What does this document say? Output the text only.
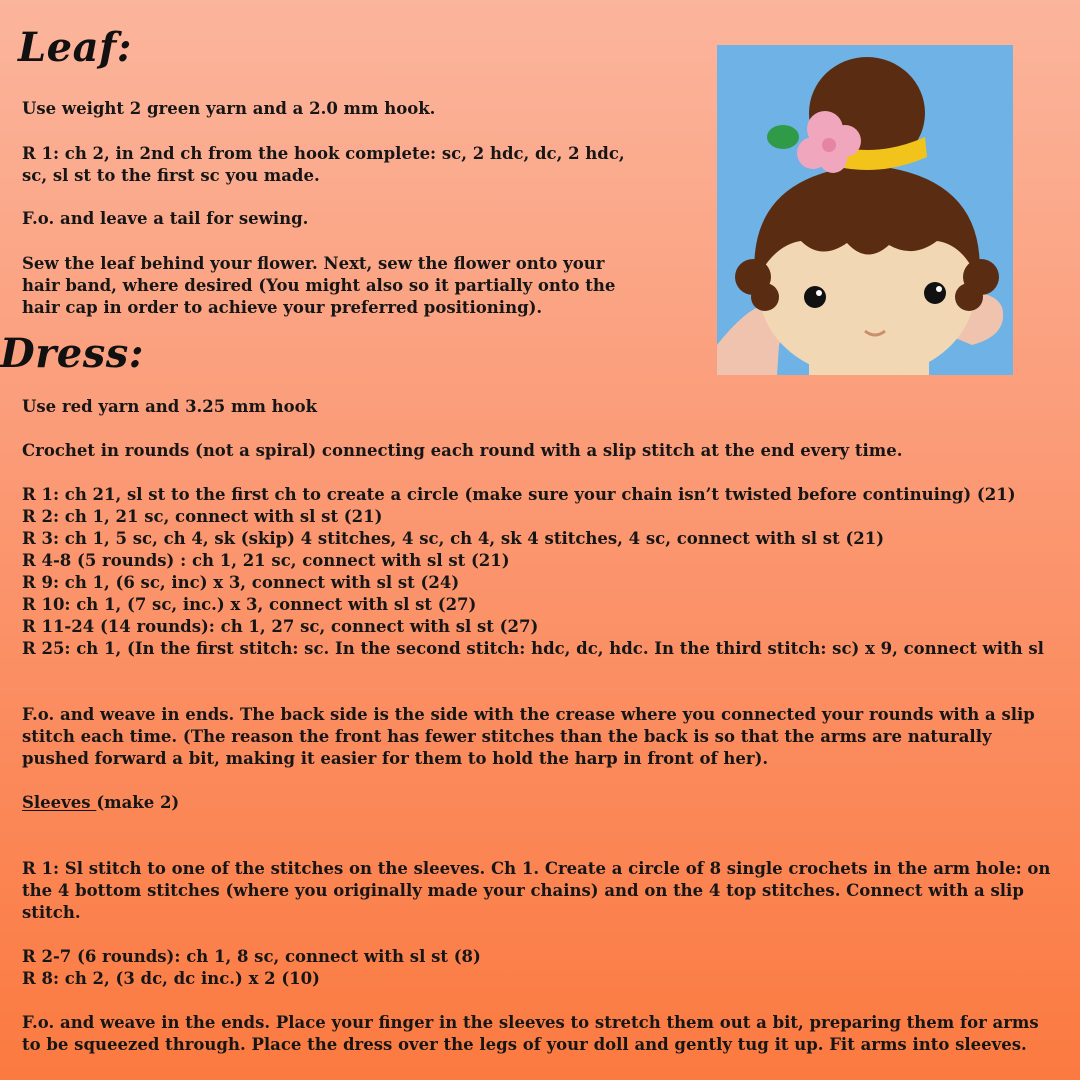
Leaf:

Use weight 2 green yarn and a 2.0 mm hook.

R 1: ch 2, in 2nd ch from the hook complete: sc, 2 hdc, dc, 2 hdc,

sc, sl st to the first sc you made.

F.o. and leave a tail for sewing.

Sew the leaf behind your flower. Next, sew the flower onto your

hair band, where desired (You might also so it partially onto the

hair cap in order to achieve your preferred positioning).

Dress:

Use red yarn and 3.25 mm hook

Crochet in rounds (not a spiral) connecting each round with a slip stitch at the end every time.

R 1: ch 21, sl st to the first ch to create a circle (make sure your chain isn’t twisted before continuing) (21)

R 2: ch 1, 21 sc, connect with sl st (21)

R 3: ch 1, 5 sc, ch 4, sk (skip) 4 stitches, 4 sc, ch 4, sk 4 stitches, 4 sc, connect with sl st (21)

R 4-8 (5 rounds) : ch 1, 21 sc, connect with sl st (21)

R 9: ch 1, (6 sc, inc) x 3, connect with sl st (24)

R 10: ch 1, (7 sc, inc.) x 3, connect with sl st (27)

R 11-24 (14 rounds): ch 1, 27 sc, connect with sl st (27)

R 25: ch 1, (In the first stitch: sc. In the second stitch: hdc, dc, hdc. In the third stitch: sc) x 9, connect with sl

F.o. and weave in ends. The back side is the side with the crease where you connected your rounds with a slip

stitch each time. (The reason the front has fewer stitches than the back is so that the arms are naturally

pushed forward a bit, making it easier for them to hold the harp in front of her).

Sleeves (make 2)

R 1: Sl stitch to one of the stitches on the sleeves. Ch 1. Create a circle of 8 single crochets in the arm hole: on

the 4 bottom stitches (where you originally made your chains) and on the 4 top stitches. Connect with a slip

stitch.

R 2-7 (6 rounds): ch 1, 8 sc, connect with sl st (8)

R 8: ch 2, (3 dc, dc inc.) x 2 (10)

F.o. and weave in the ends. Place your finger in the sleeves to stretch them out a bit, preparing them for arms

to be squeezed through. Place the dress over the legs of your doll and gently tug it up. Fit arms into sleeves.
